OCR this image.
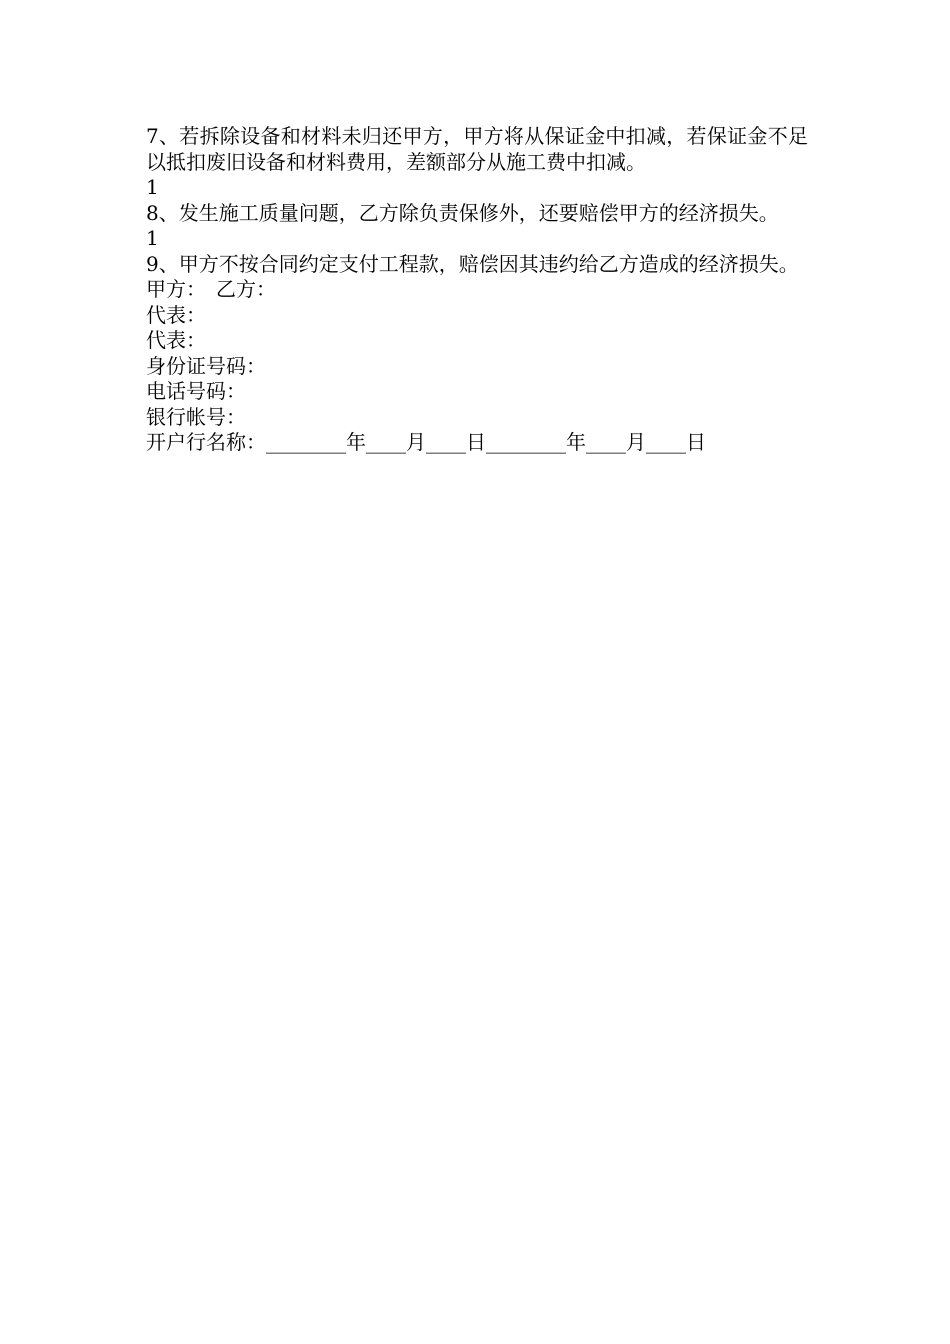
7、若拆除设备和材料未归还甲方，甲方将从保证金中扣减，若保证金不足以抵扣废旧设备和材料费用，差额部分从施工费中扣减。

1

8、发生施工质量问题，乙方除负责保修外，还要赔偿甲方的经济损失。

1

9、甲方不按合同约定支付工程款，赔偿因其违约给乙方造成的经济损失。

甲方：　乙方：

代表：

代表：

身份证号码：

电话号码：

银行帐号：

开户行名称：________年____月____日________年____月____日
